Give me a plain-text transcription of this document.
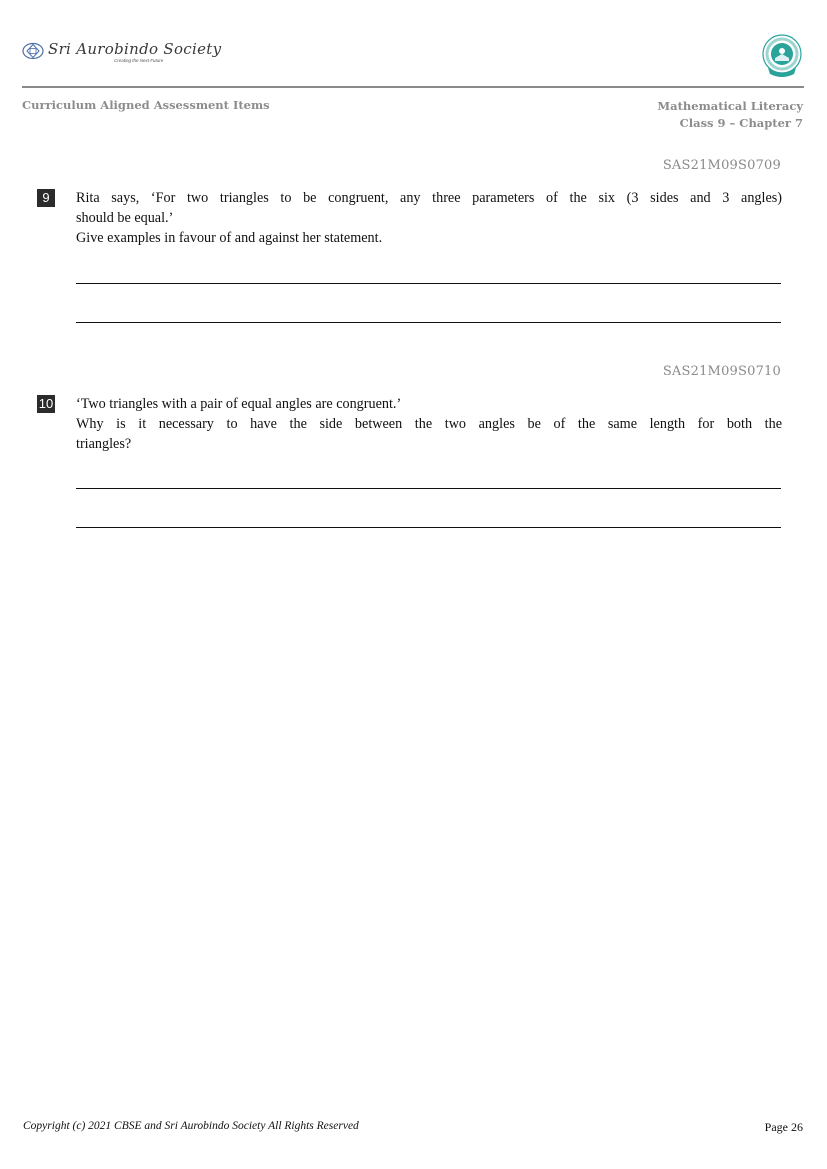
Sri Aurobindo Society
Creating the Next Future
Curriculum Aligned Assessment Items	Mathematical Literacy
Class 9 – Chapter 7
SAS21M09S0709
9	Rita says, ‘For two triangles to be congruent, any three parameters of the six (3 sides and 3 angles)

should be equal.’

Give examples in favour of and against her statement.

SAS21M09S0710
10 ‘Two triangles with a pair of equal angles are congruent.’

Why is it necessary to have the side between the two angles be of the same length for both the

triangles?

Copyright (c) 2021 CBSE and Sri Aurobindo Society All Rights Reserved	Page 26
